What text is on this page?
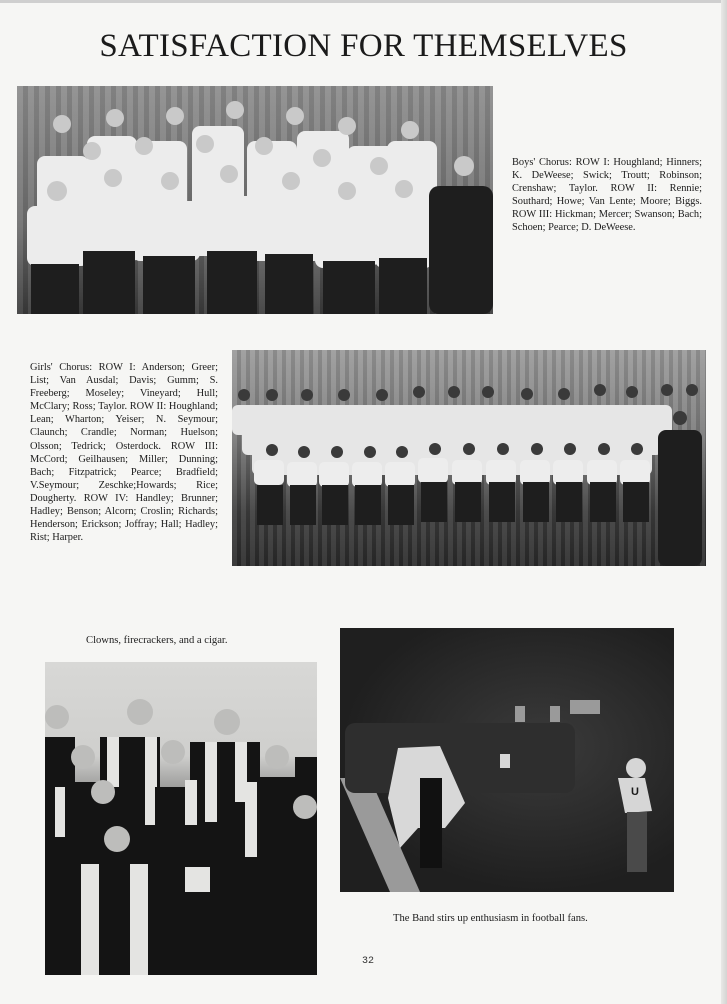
SATISFACTION FOR THEMSELVES
Boys' Chorus: ROW I: Houghland; Hinners; K. DeWeese; Swick; Troutt; Robinson; Crenshaw; Taylor. ROW II: Rennie; Southard; Howe; Van Lente; Moore; Biggs. ROW III: Hickman; Mercer; Swanson; Bach; Schoen; Pearce; D. DeWeese.
Girls' Chorus: ROW I: Anderson; Greer; List; Van Ausdal; Davis; Gumm; S. Freeberg; Moseley; Vineyard; Hull; McClary; Ross; Taylor. ROW II: Houghland; Lean; Wharton; Yeiser; N. Seymour; Claunch; Crandle; Norman; Huelson; Olsson; Tedrick; Osterdock. ROW III: McCord; Geilhausen; Miller; Dunning; Bach; Fitzpatrick; Pearce; Bradfield; V.Seymour; Zeschke;Howards; Rice; Dougherty. ROW IV: Handley; Brunner; Hadley; Benson; Alcorn; Croslin; Richards; Henderson; Erickson; Joffray; Hall; Hadley; Rist; Harper.
Clowns, firecrackers, and a cigar.
U
The Band stirs up enthusiasm in football fans.
32
